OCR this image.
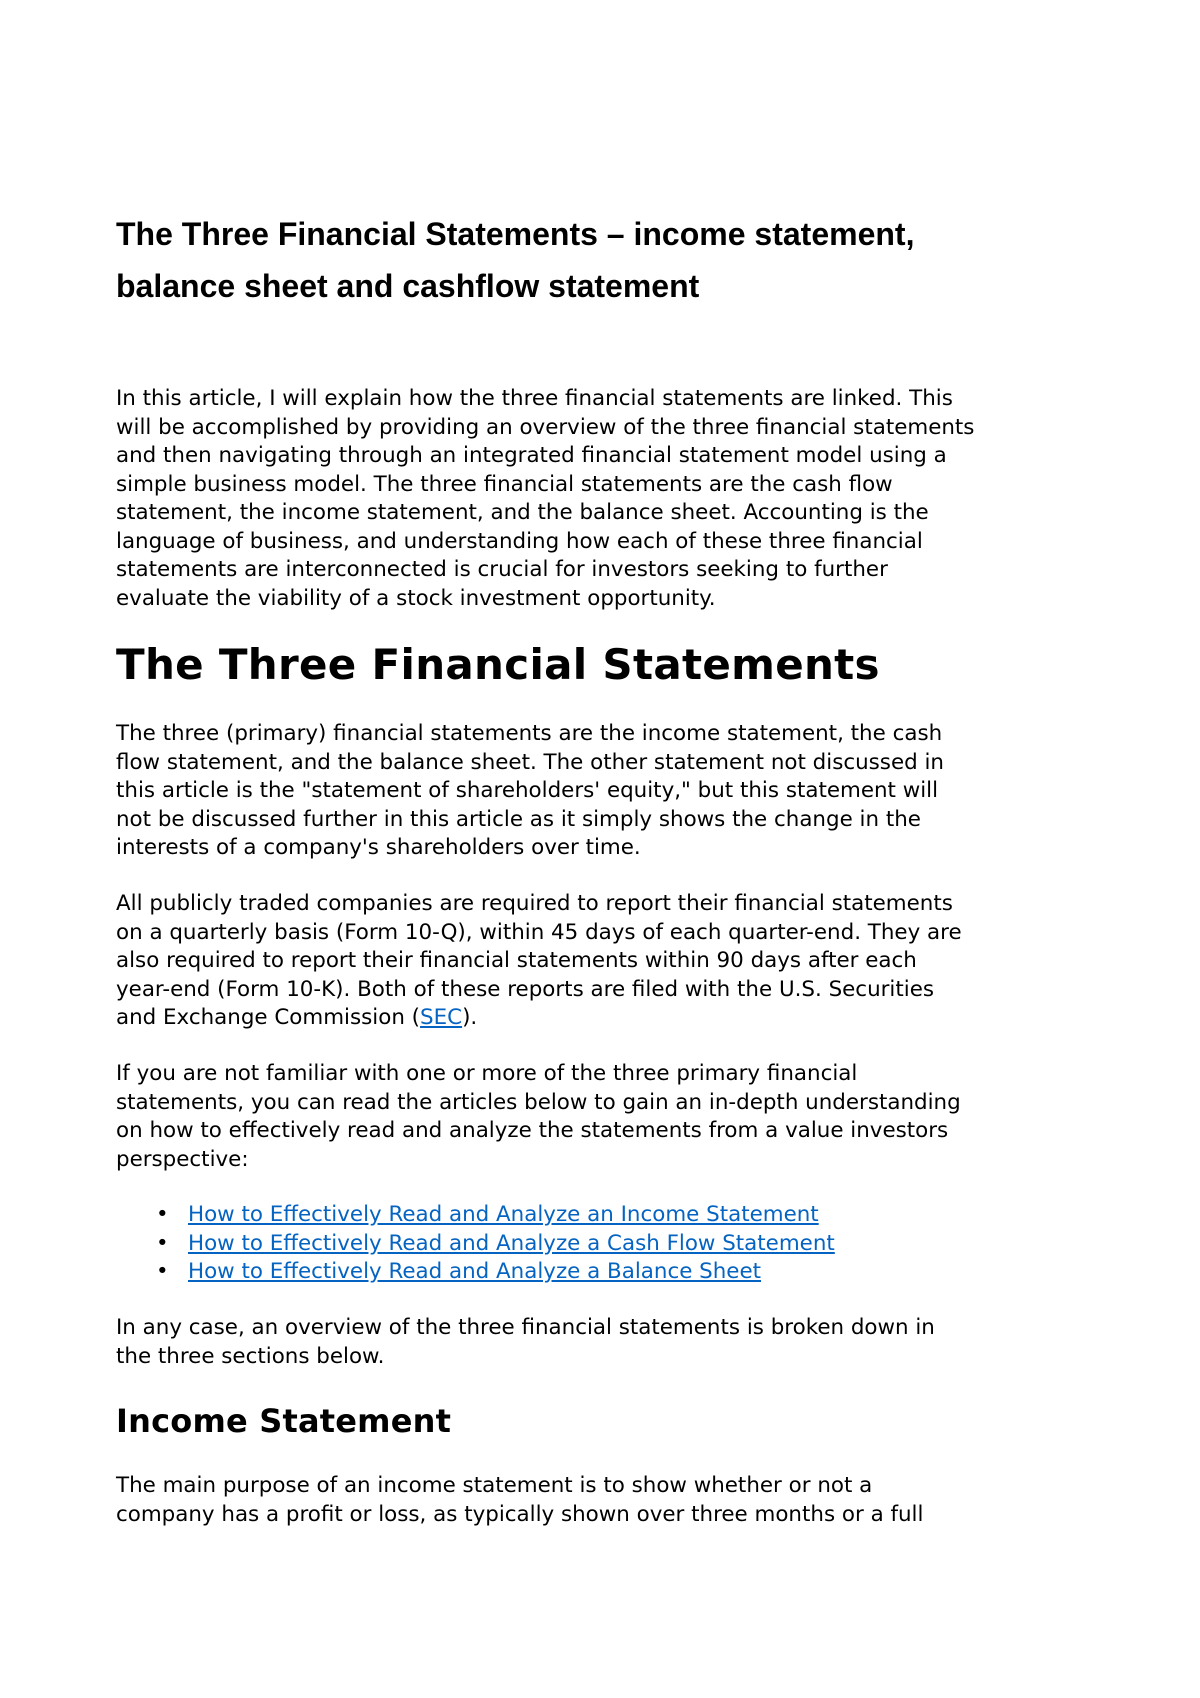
The Three Financial Statements – income statement,
balance sheet and cashflow statement

In this article, I will explain how the three financial statements are linked. This
will be accomplished by providing an overview of the three financial statements
and then navigating through an integrated financial statement model using a
simple business model. The three financial statements are the cash flow
statement, the income statement, and the balance sheet. Accounting is the
language of business, and understanding how each of these three financial
statements are interconnected is crucial for investors seeking to further
evaluate the viability of a stock investment opportunity.

The Three Financial Statements

The three (primary) financial statements are the income statement, the cash
flow statement, and the balance sheet. The other statement not discussed in
this article is the "statement of shareholders' equity," but this statement will
not be discussed further in this article as it simply shows the change in the
interests of a company's shareholders over time.

All publicly traded companies are required to report their financial statements
on a quarterly basis (Form 10-Q), within 45 days of each quarter-end. They are
also required to report their financial statements within 90 days after each
year-end (Form 10-K). Both of these reports are filed with the U.S. Securities
and Exchange Commission (SEC).

If you are not familiar with one or more of the three primary financial
statements, you can read the articles below to gain an in-depth understanding
on how to effectively read and analyze the statements from a value investors
perspective:

• How to Effectively Read and Analyze an Income Statement
• How to Effectively Read and Analyze a Cash Flow Statement
• How to Effectively Read and Analyze a Balance Sheet

In any case, an overview of the three financial statements is broken down in
the three sections below.

Income Statement

The main purpose of an income statement is to show whether or not a
company has a profit or loss, as typically shown over three months or a full
